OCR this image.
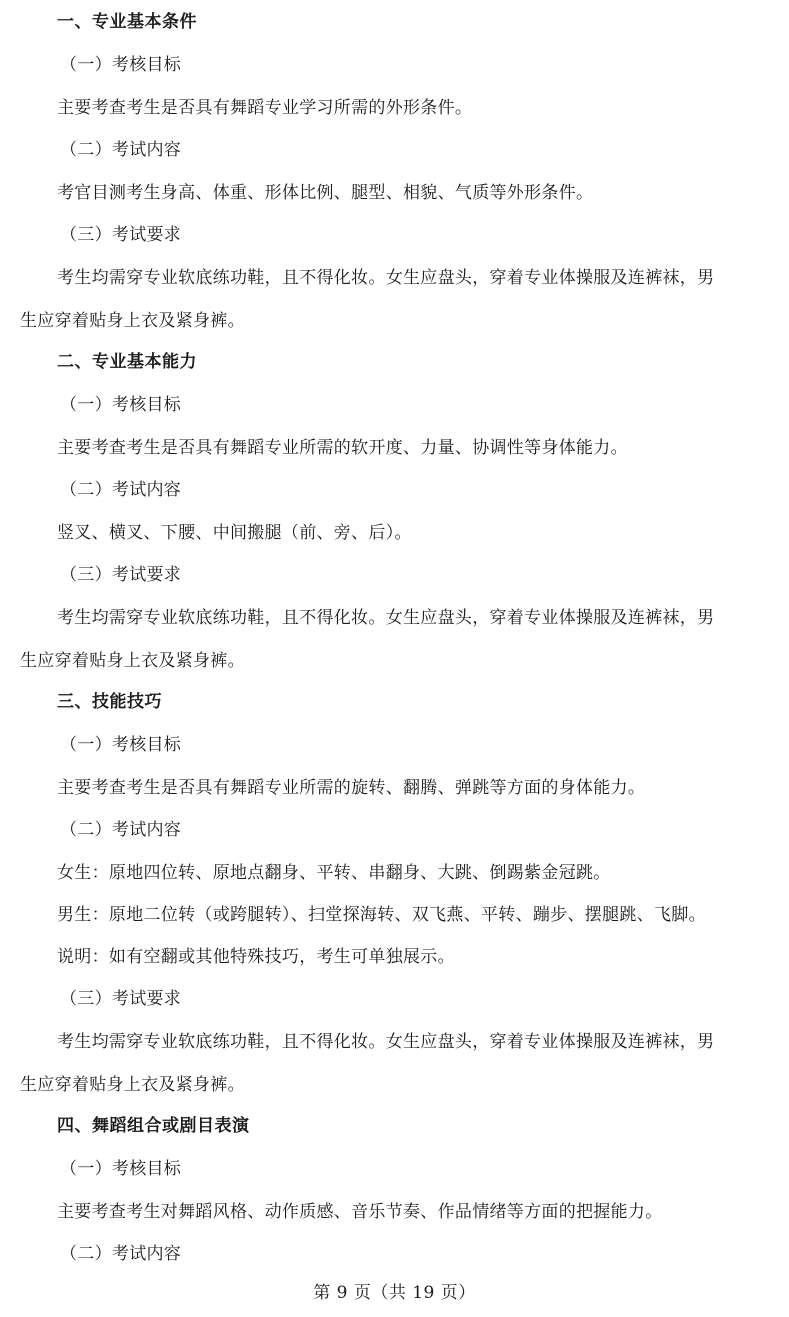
一、专业基本条件
（一）考核目标
主要考查考生是否具有舞蹈专业学习所需的外形条件。
（二）考试内容
考官目测考生身高、体重、形体比例、腿型、相貌、气质等外形条件。
（三）考试要求
考生均需穿专业软底练功鞋，且不得化妆。女生应盘头，穿着专业体操服及连裤袜，男
生应穿着贴身上衣及紧身裤。
二、专业基本能力
（一）考核目标
主要考查考生是否具有舞蹈专业所需的软开度、力量、协调性等身体能力。
（二）考试内容
竖叉、横叉、下腰、中间搬腿（前、旁、后）。
（三）考试要求
考生均需穿专业软底练功鞋，且不得化妆。女生应盘头，穿着专业体操服及连裤袜，男
生应穿着贴身上衣及紧身裤。
三、技能技巧
（一）考核目标
主要考查考生是否具有舞蹈专业所需的旋转、翻腾、弹跳等方面的身体能力。
（二）考试内容
女生：原地四位转、原地点翻身、平转、串翻身、大跳、倒踢紫金冠跳。
男生：原地二位转（或跨腿转）、扫堂探海转、双飞燕、平转、蹦步、摆腿跳、飞脚。
说明：如有空翻或其他特殊技巧，考生可单独展示。
（三）考试要求
考生均需穿专业软底练功鞋，且不得化妆。女生应盘头，穿着专业体操服及连裤袜，男
生应穿着贴身上衣及紧身裤。
四、舞蹈组合或剧目表演
（一）考核目标
主要考查考生对舞蹈风格、动作质感、音乐节奏、作品情绪等方面的把握能力。
（二）考试内容
第 9 页（共 19 页）
